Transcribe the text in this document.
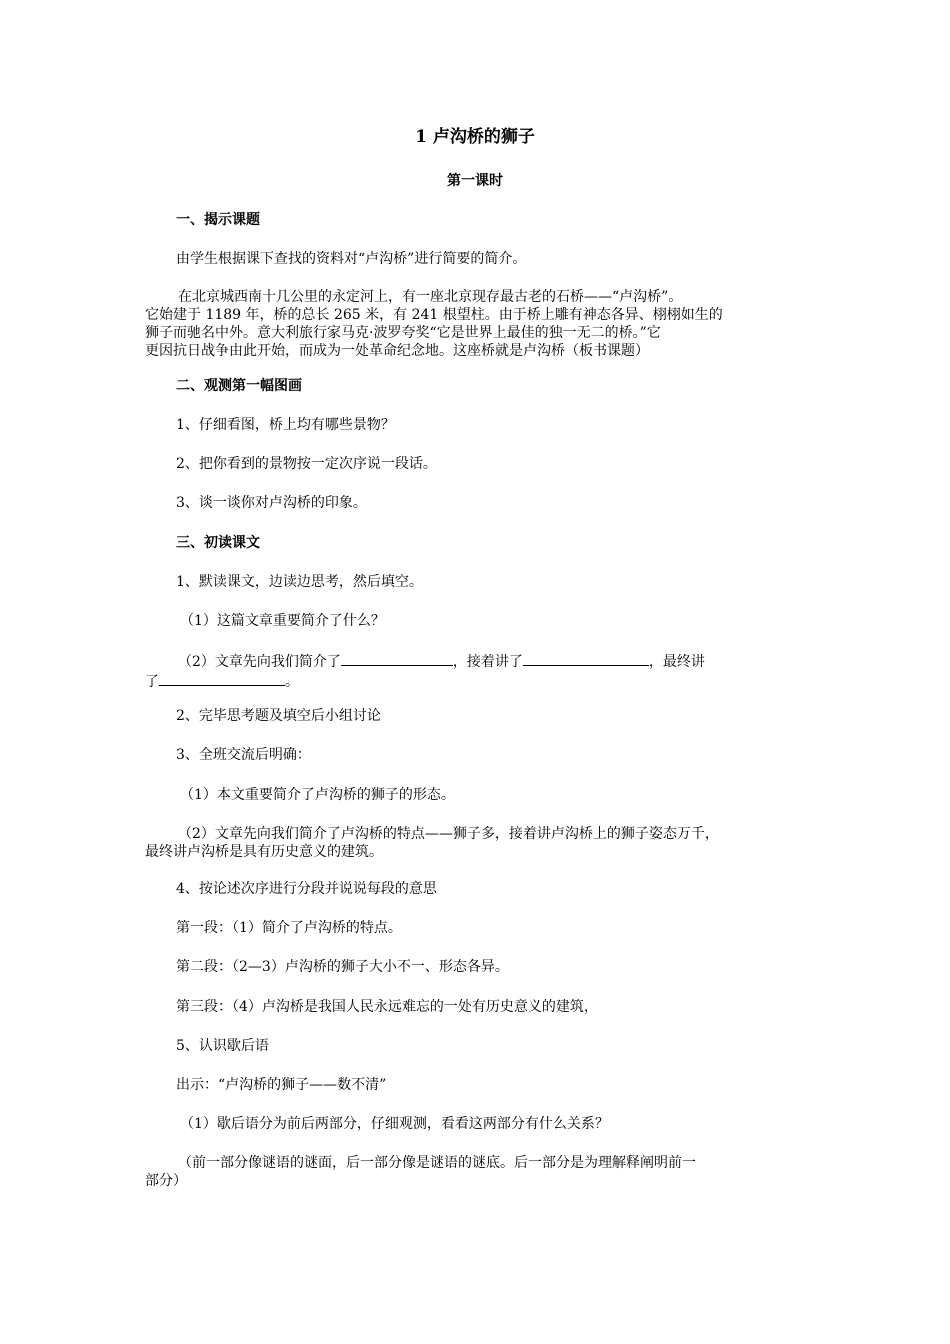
1 卢沟桥的狮子
第一课时
一、揭示课题
由学生根据课下查找的资料对“卢沟桥”进行简要的简介。
在北京城西南十几公里的永定河上，有一座北京现存最古老的石桥——“卢沟桥”。
它始建于 1189 年，桥的总长 265 米，有 241 根望柱。由于桥上雕有神态各异、栩栩如生的
狮子而驰名中外。意大利旅行家马克·波罗夸奖“它是世界上最佳的独一无二的桥。”它
更因抗日战争由此开始，而成为一处革命纪念地。这座桥就是卢沟桥（板书课题）
二、观测第一幅图画
1、仔细看图，桥上均有哪些景物？
2、把你看到的景物按一定次序说一段话。
3、谈一谈你对卢沟桥的印象。
三、初读课文
1、默读课文，边读边思考，然后填空。
（1）这篇文章重要简介了什么？
（2）文章先向我们简介了	，接着讲了	，最终讲
了	。
2、完毕思考题及填空后小组讨论
3、全班交流后明确：
（1）本文重要简介了卢沟桥的狮子的形态。
（2）文章先向我们简介了卢沟桥的特点——狮子多，接着讲卢沟桥上的狮子姿态万千，
最终讲卢沟桥是具有历史意义的建筑。
4、按论述次序进行分段并说说每段的意思
第一段：（1）简介了卢沟桥的特点。
第二段：（2—3）卢沟桥的狮子大小不一、形态各异。
第三段：（4）卢沟桥是我国人民永远难忘的一处有历史意义的建筑，
5、认识歇后语
出示：“卢沟桥的狮子——数不清”
（1）歇后语分为前后两部分，仔细观测，看看这两部分有什么关系？
（前一部分像谜语的谜面，后一部分像是谜语的谜底。后一部分是为理解释阐明前一
部分）
